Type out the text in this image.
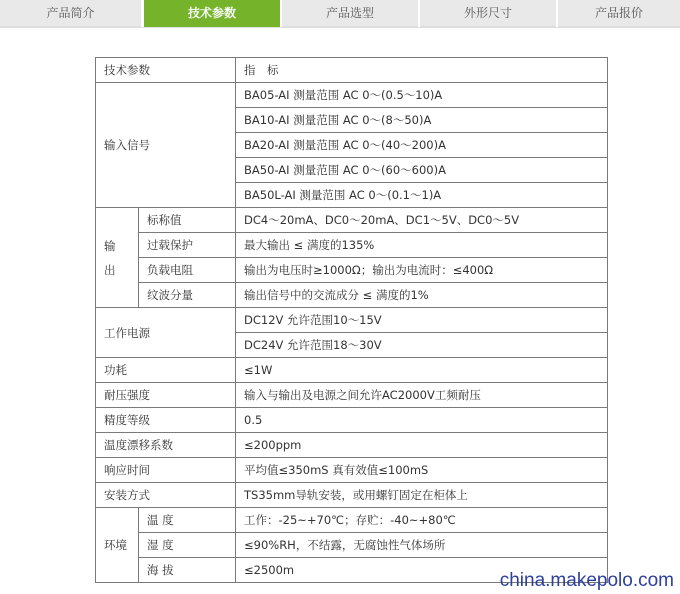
产品简介	技术参数	产品选型	外形尺寸	产品报价
技术参数		指　标
输入信号		BA05-AI 测量范围 AC 0～(0.5～10)A
		BA10-AI 测量范围 AC 0～(8～50)A
		BA20-AI 测量范围 AC 0～(40～200)A
		BA50-AI 测量范围 AC 0～(60～600)A
		BA50L-AI 测量范围 AC 0～(0.1～1)A

输
出	标称值	DC4～20mA、DC0～20mA、DC1～5V、DC0～5V
	过载保护	最大输出 ≤ 满度的135%
	负载电阻	输出为电压时≥1000Ω；输出为电流时：≤400Ω
	纹波分量	输出信号中的交流成分 ≤ 满度的1%
工作电源		DC12V 允许范围10～15V
		DC24V 允许范围18～30V
功耗		≤1W
耐压强度		输入与输出及电源之间允许AC2000V工频耐压
精度等级		0.5
温度漂移系数		≤200ppm
响应时间		平均值≤350mS 真有效值≤100mS
安装方式		TS35mm导轨安装，或用螺钉固定在柜体上
环境	温 度	工作：-25~+70℃；存贮：-40~+80℃
	湿 度	≤90%RH，不结露，无腐蚀性气体场所
	海 拔	≤2500m	china.makepolo.com
